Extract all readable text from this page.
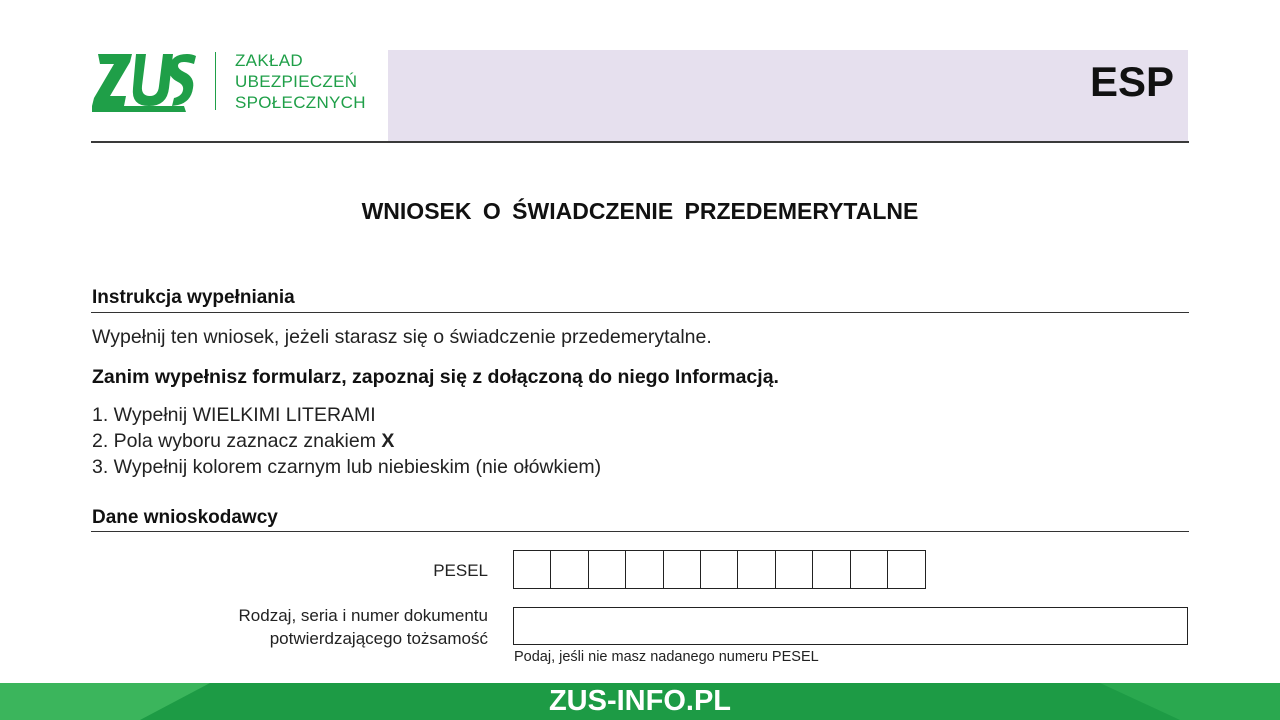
ZAKŁAD
UBEZPIECZEŃ
SPOŁECZNYCH	ESP
WNIOSEK O ŚWIADCZENIE PRZEDEMERYTALNE
Instrukcja wypełniania
Wypełnij ten wniosek, jeżeli starasz się o świadczenie przedemerytalne.
Zanim wypełnisz formularz, zapoznaj się z dołączoną do niego Informacją.
1. Wypełnij WIELKIMI LITERAMI
2. Pola wyboru zaznacz znakiem X
3. Wypełnij kolorem czarnym lub niebieskim (nie ołówkiem)
Dane wnioskodawcy
PESEL
Rodzaj, seria i numer dokumentu
potwierdzającego tożsamość
Podaj, jeśli nie masz nadanego numeru PESEL
ZUS-INFO.PL
